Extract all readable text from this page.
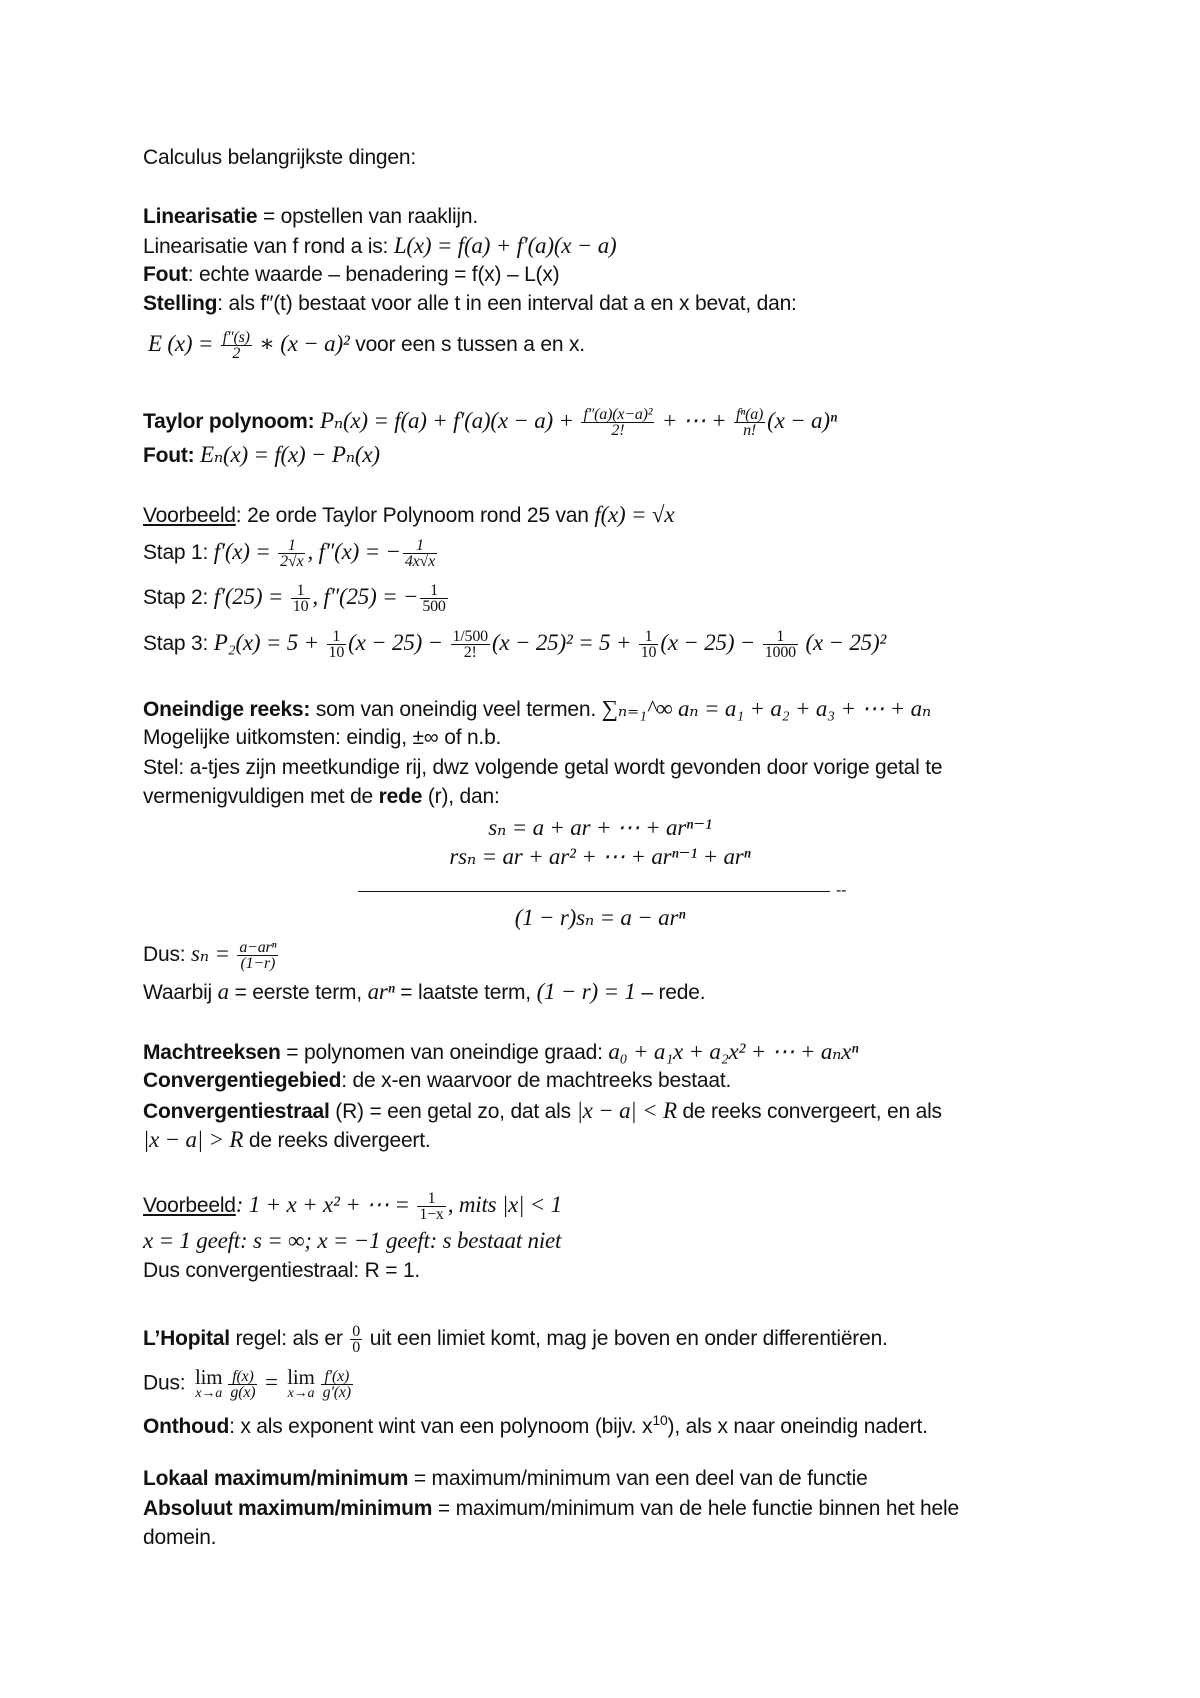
Calculus belangrijkste dingen:
Linearisatie = opstellen van raaklijn.
Linearisatie van f rond a is: L(x) = f(a) + f′(a)(x − a)
Fout: echte waarde – benadering = f(x) – L(x)
Stelling: als f″(t) bestaat voor alle t in een interval dat a en x bevat, dan:
E $(x) = \frac{f''(s)}{2}$ ∗ (x − a)² voor een s tussen a en x.
Taylor polynoom: $P_n(x) = f(a) + f'(a)(x - a) + \frac{\text{f″(a)(x−a)²}}{2!}$ + ⋯ + $\frac{\text{fⁿ(a)}}{n!} (x - a)^n$
Fout: Eₙ(x) = f(x) − Pₙ(x)
Voorbeeld: 2e orde Taylor Polynoom rond 25 van f(x) = √x
Stap 1: $f'(x) = \frac{1}{2√x}$ , f″(x) = − $\frac{1}{4x√x}$
Stap 2: $f'(25) = \frac{1}{10}$ , f″(25) = − $\frac{1}{500}$
Stap 3: $P_2(x) = 5 + \frac{1}{10} (x - 25) - \frac{1/500}{2!} (x - 25)^2 = 5 + \frac{1}{10} (x - 25) - \frac{1}{1000} (x - 25)^2$
Oneindige reeks: som van oneindig veel termen. ∑ₙ₌₁^∞ aₙ = a₁ + a₂ + a₃ + ⋯ + aₙ
Mogelijke uitkomsten: eindig, ±∞ of n.b.
Stel: a-tjes zijn meetkundige rij, dwz volgende getal wordt gevonden door vorige getal te
vermenigvuldigen met de rede (r), dan:
sₙ = a + ar + ⋯ + arⁿ⁻¹
rsₙ = ar + ar² + ⋯ + arⁿ⁻¹ + arⁿ
--
(1 − r)sₙ = a − arⁿ
Dus: $s_n = \frac{\text{a−arⁿ}}{(1-r)}$
Waarbij a = eerste term, arⁿ = laatste term, (1 − r) = 1 – rede.
Machtreeksen = polynomen van oneindige graad: a₀ + a₁x + a₂x² + ⋯ + aₙxⁿ
Convergentiegebied: de x-en waarvoor de machtreeks bestaat.
Convergentiestraal (R) = een getal zo, dat als |x − a| < R de reeks convergeert, en als
|x − a| > R de reeks divergeert.
Voorbeeld: 1 + x + x² + ⋯ = $\frac{1}{1-x}$ , mits |x| < 1
x = 1 geeft: s = ∞; x = −1 geeft: s bestaat niet
Dus convergentiestraal: R = 1.
L’Hopital regel: als er $\frac{0}{0}$ uit een limiet komt, mag je boven en onder differentiëren.
Dus: lim
$x\to a \frac{f(x)}{g(x)} = \lim$
$x\to a \frac{f'(x)}{g'(x)}$
Onthoud: x als exponent wint van een polynoom (bijv. $x^{10}$), als x naar oneindig nadert.
Lokaal maximum/minimum = maximum/minimum van een deel van de functie
Absoluut maximum/minimum = maximum/minimum van de hele functie binnen het hele
domein.
